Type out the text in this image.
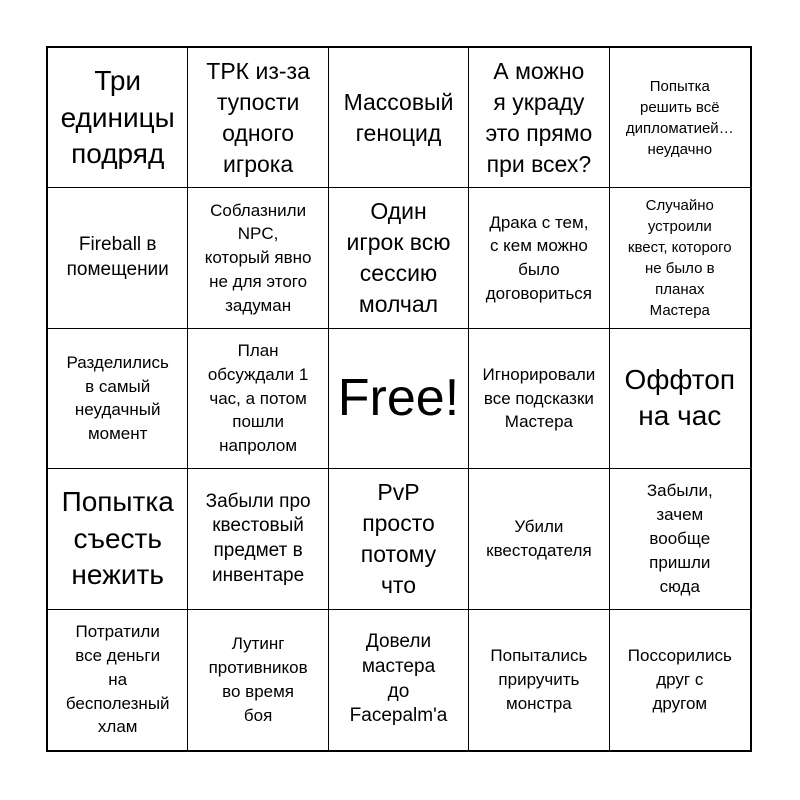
Три
единицы
подряд
ТРК из-за
тупости
одного
игрока
Массовый
геноцид
А можно
я украду
это прямо
при всех?
Попытка
решить всё
дипломатией…
неудачно
Fireball в
помещении
Соблазнили
NPC,
который явно
не для этого
задуман
Один
игрок всю
сессию
молчал
Драка с тем,
с кем можно
было
договориться
Случайно
устроили
квест, которого
не было в
планах
Мастера
Разделились
в самый
неудачный
момент
План
обсуждали 1
час, а потом
пошли
напролом
Free! Игнорировали
все подсказки
Мастера
Оффтоп
на час
Попытка
съесть
нежить
Забыли про
квестовый
предмет в
инвентаре
PvP
просто
потому
что
Убили
квестодателя
Забыли,
зачем
вообще
пришли
сюда
Потратили
все деньги
на
бесполезный
хлам
Лутинг
противников
во время
боя
Довели
мастера
до
Facepalm'а
Попытались
приручить
монстра
Поссорились
друг с
другом
